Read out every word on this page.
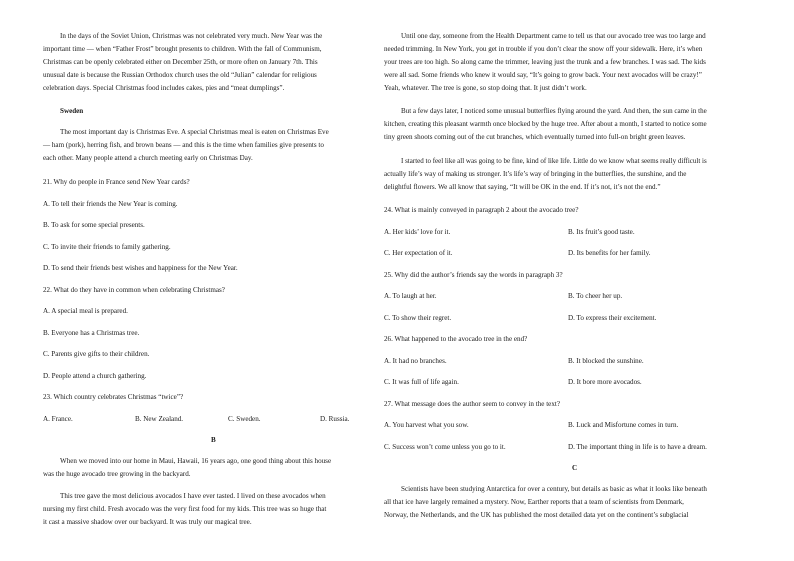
In the days of the Soviet Union, Christmas was not celebrated very much. New Year was the
important time — when “Father Frost” brought presents to children. With the fall of Communism,
Christmas can be openly celebrated either on December 25th, or more often on January 7th. This
unusual date is because the Russian Orthodox church uses the old “Julian” calendar for religious
celebration days. Special Christmas food includes cakes, pies and “meat dumplings”.
Sweden
The most important day is Christmas Eve. A special Christmas meal is eaten on Christmas Eve
— ham (pork), herring fish, and brown beans — and this is the time when families give presents to
each other. Many people attend a church meeting early on Christmas Day.
21. Why do people in France send New Year cards?
A. To tell their friends the New Year is coming.
B. To ask for some special presents.
C. To invite their friends to family gathering.
D. To send their friends best wishes and happiness for the New Year.
22. What do they have in common when celebrating Christmas?
A. A special meal is prepared.
B. Everyone has a Christmas tree.
C. Parents give gifts to their children.
D. People attend a church gathering.
23. Which country celebrates Christmas “twice”?
A. France.	B. New Zealand.	C. Sweden.	D. Russia.
B
When we moved into our home in Maui, Hawaii, 16 years ago, one good thing about this house
was the huge avocado tree growing in the backyard.
This tree gave the most delicious avocados I have ever tasted. I lived on these avocados when
nursing my first child. Fresh avocado was the very first food for my kids. This tree was so huge that
it cast a massive shadow over our backyard. It was truly our magical tree.
Until one day, someone from the Health Department came to tell us that our avocado tree was too large and
needed trimming. In New York, you get in trouble if you don’t clear the snow off your sidewalk. Here, it’s when
your trees are too high. So along came the trimmer, leaving just the trunk and a few branches. I was sad. The kids
were all sad. Some friends who knew it would say, “It’s going to grow back. Your next avocados will be crazy!”
Yeah, whatever. The tree is gone, so stop doing that. It just didn’t work.
But a few days later, I noticed some unusual butterflies flying around the yard. And then, the sun came in the
kitchen, creating this pleasant warmth once blocked by the huge tree. After about a month, I started to notice some
tiny green shoots coming out of the cut branches, which eventually turned into full-on bright green leaves.
I started to feel like all was going to be fine, kind of like life. Little do we know what seems really difficult is
actually life’s way of making us stronger. It’s life’s way of bringing in the butterflies, the sunshine, and the
delightful flowers. We all know that saying, “It will be OK in the end. If it’s not, it’s not the end.”
24. What is mainly conveyed in paragraph 2 about the avocado tree?
A. Her kids’ love for it.	B. Its fruit’s good taste.
C. Her expectation of it.	D. Its benefits for her family.
25. Why did the author’s friends say the words in paragraph 3?
A. To laugh at her.	B. To cheer her up.
C. To show their regret.	D. To express their excitement.
26. What happened to the avocado tree in the end?
A. It had no branches.	B. It blocked the sunshine.
C. It was full of life again.	D. It bore more avocados.
27. What message does the author seem to convey in the text?
A. You harvest what you sow.	B. Luck and Misfortune comes in turn.
C. Success won’t come unless you go to it.	D. The important thing in life is to have a dream.
C
Scientists have been studying Antarctica for over a century, but details as basic as what it looks like beneath
all that ice have largely remained a mystery. Now, Earther reports that a team of scientists from Denmark,
Norway, the Netherlands, and the UK has published the most detailed data yet on the continent’s subglacial
